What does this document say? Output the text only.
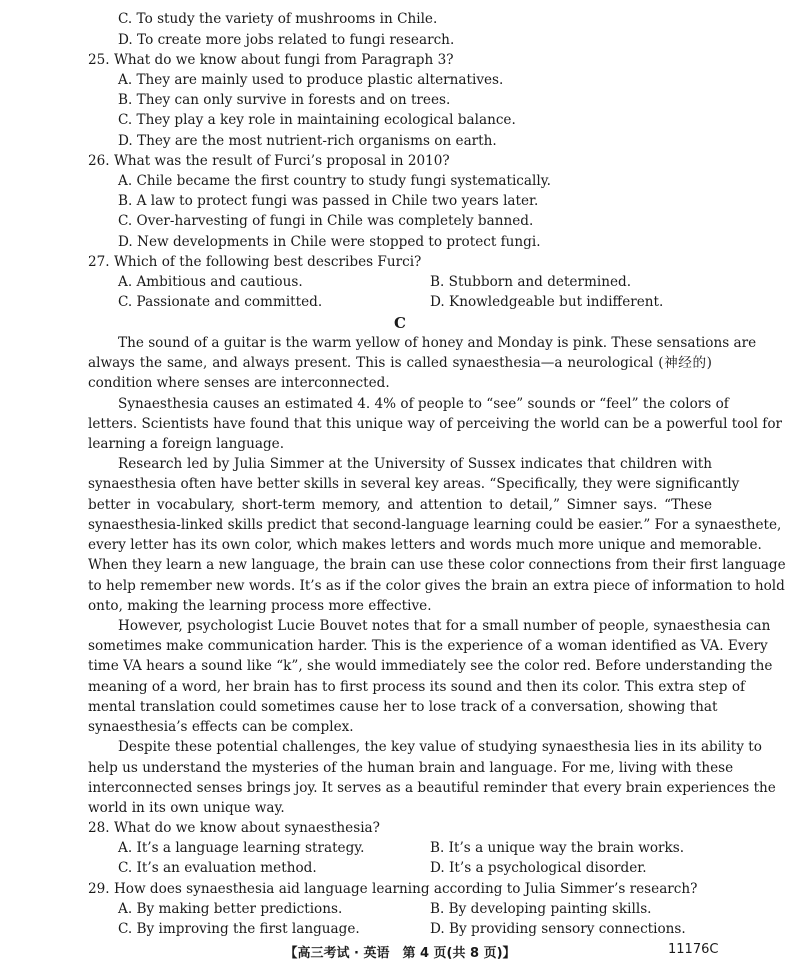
C. To study the variety of mushrooms in Chile.
D. To create more jobs related to fungi research.
25. What do we know about fungi from Paragraph 3?
A. They are mainly used to produce plastic alternatives.
B. They can only survive in forests and on trees.
C. They play a key role in maintaining ecological balance.
D. They are the most nutrient-rich organisms on earth.
26. What was the result of Furci’s proposal in 2010?
A. Chile became the first country to study fungi systematically.
B. A law to protect fungi was passed in Chile two years later.
C. Over-harvesting of fungi in Chile was completely banned.
D. New developments in Chile were stopped to protect fungi.
27. Which of the following best describes Furci?
A. Ambitious and cautious.	B. Stubborn and determined.
C. Passionate and committed.	D. Knowledgeable but indifferent.
C
The sound of a guitar is the warm yellow of honey and Monday is pink. These sensations are
always the same, and always present. This is called synaesthesia—a neurological (神经的)
condition where senses are interconnected.
Synaesthesia causes an estimated 4. 4% of people to “see” sounds or “feel” the colors of
letters. Scientists have found that this unique way of perceiving the world can be a powerful tool for
learning a foreign language.
Research led by Julia Simmer at the University of Sussex indicates that children with
synaesthesia often have better skills in several key areas. “Specifically, they were significantly
better in vocabulary, short-term memory, and attention to detail,” Simner says. “These
synaesthesia-linked skills predict that second-language learning could be easier.” For a synaesthete,
every letter has its own color, which makes letters and words much more unique and memorable.
When they learn a new language, the brain can use these color connections from their first language
to help remember new words. It’s as if the color gives the brain an extra piece of information to hold
onto, making the learning process more effective.
However, psychologist Lucie Bouvet notes that for a small number of people, synaesthesia can
sometimes make communication harder. This is the experience of a woman identified as VA. Every
time VA hears a sound like “k”, she would immediately see the color red. Before understanding the
meaning of a word, her brain has to first process its sound and then its color. This extra step of
mental translation could sometimes cause her to lose track of a conversation, showing that
synaesthesia’s effects can be complex.
Despite these potential challenges, the key value of studying synaesthesia lies in its ability to
help us understand the mysteries of the human brain and language. For me, living with these
interconnected senses brings joy. It serves as a beautiful reminder that every brain experiences the
world in its own unique way.
28. What do we know about synaesthesia?
A. It’s a language learning strategy.	B. It’s a unique way the brain works.
C. It’s an evaluation method.	D. It’s a psychological disorder.
29. How does synaesthesia aid language learning according to Julia Simmer’s research?
A. By making better predictions.	B. By developing painting skills.
C. By improving the first language.	D. By providing sensory connections.
【高三考试 · 英语　第 4 页(共 8 页)】	11176C
